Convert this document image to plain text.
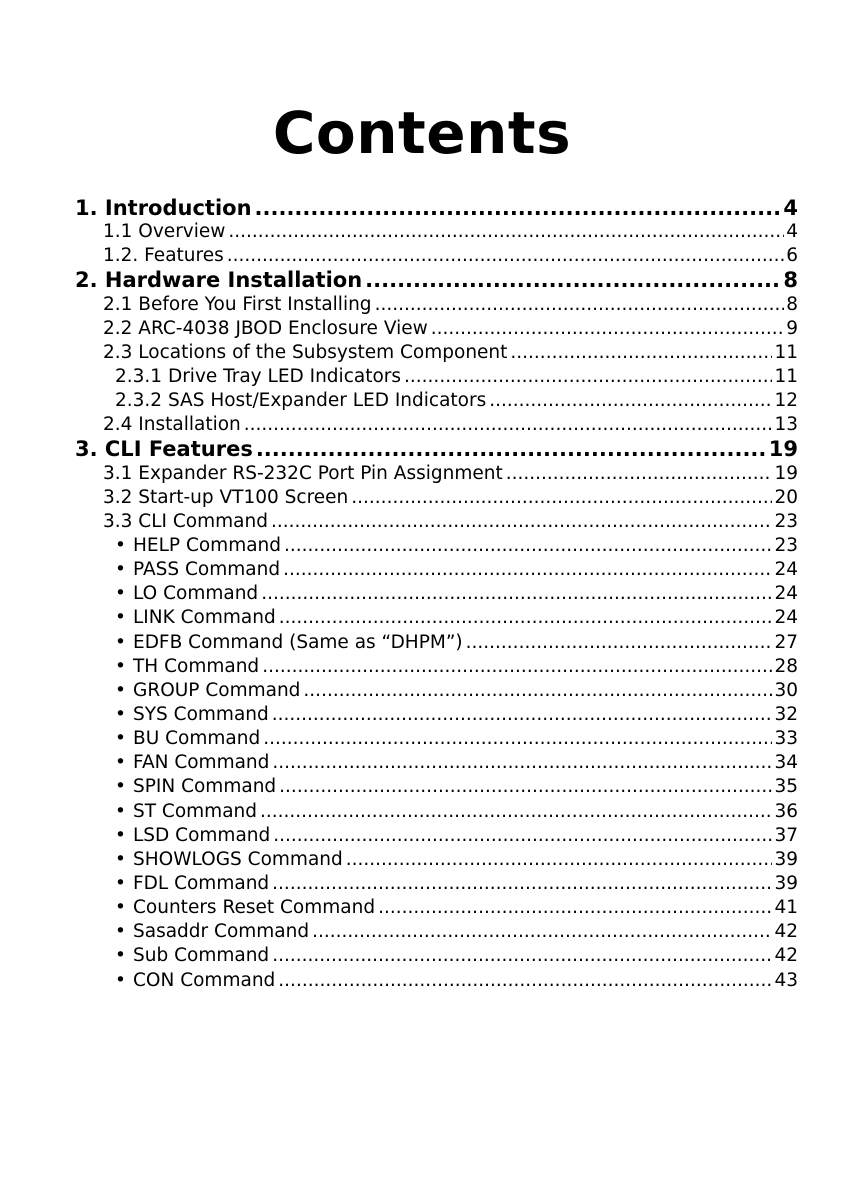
Contents
1. Introduction .....	4
1.1 Overview .....	4
1.2. Features .....	6
2. Hardware Installation .....	8
2.1 Before You First Installing .....	8
2.2 ARC-4038 JBOD Enclosure View .....	9
2.3 Locations of the Subsystem Component .....	11
2.3.1 Drive Tray LED Indicators .....	11
2.3.2 SAS Host/Expander LED Indicators .....	12
2.4 Installation .....	13
3. CLI Features .....	19
3.1 Expander RS-232C Port Pin Assignment .....	19
3.2 Start-up VT100 Screen .....	20
3.3 CLI Command .....	23
• HELP Command .....	23
• PASS Command .....	24
• LO Command .....	24
• LINK Command .....	24
• EDFB Command (Same as “DHPM”) .....	27
• TH Command .....	28
• GROUP Command .....	30
• SYS Command .....	32
• BU Command .....	33
• FAN Command .....	34
• SPIN Command .....	35
• ST Command .....	36
• LSD Command .....	37
• SHOWLOGS Command .....	39
• FDL Command .....	39
• Counters Reset Command .....	41
• Sasaddr Command .....	42
• Sub Command .....	42
• CON Command .....	43
